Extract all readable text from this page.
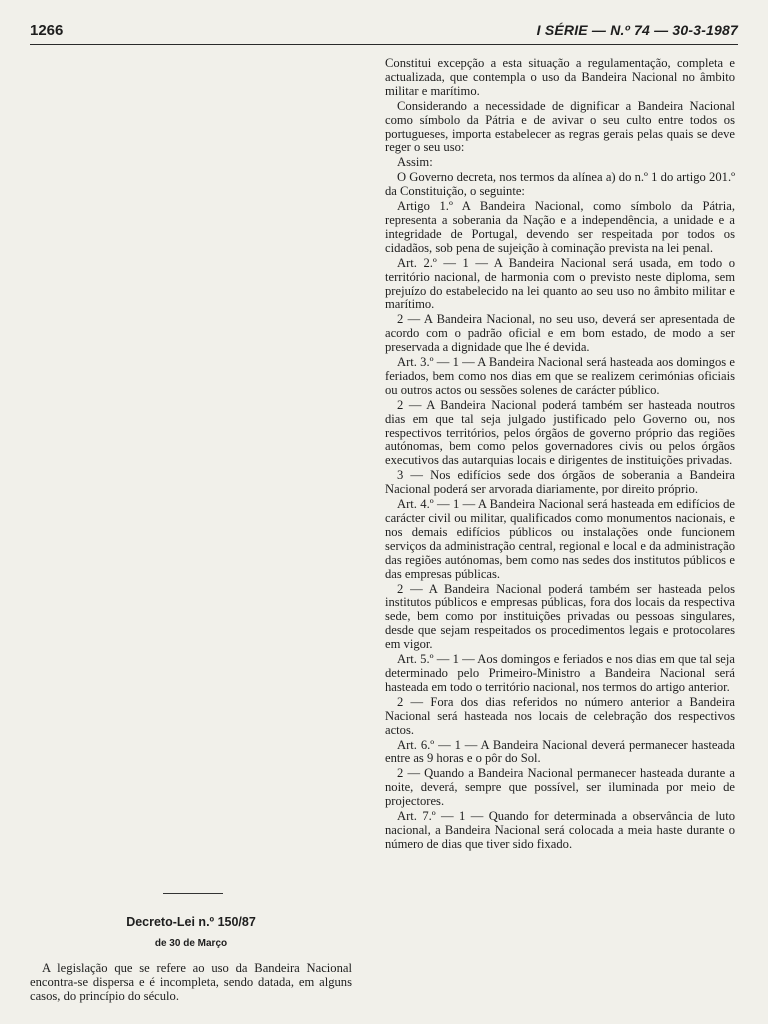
1266	I SÉRIE — N.º 74 — 30-3-1987

Constitui excepção a esta situação a regulamentação, completa e actualizada, que contempla o uso da Bandeira Nacional no âmbito militar e marítimo.

Considerando a necessidade de dignificar a Bandeira Nacional como símbolo da Pátria e de avivar o seu culto entre todos os portugueses, importa estabelecer as regras gerais pelas quais se deve reger o seu uso:

Assim:

O Governo decreta, nos termos da alínea a) do n.º 1 do artigo 201.º da Constituição, o seguinte:

Artigo 1.º A Bandeira Nacional, como símbolo da Pátria, representa a soberania da Nação e a independência, a unidade e a integridade de Portugal, devendo ser respeitada por todos os cidadãos, sob pena de sujeição à cominação prevista na lei penal.

Art. 2.º — 1 — A Bandeira Nacional será usada, em todo o território nacional, de harmonia com o previsto neste diploma, sem prejuízo do estabelecido na lei quanto ao seu uso no âmbito militar e marítimo.

2 — A Bandeira Nacional, no seu uso, deverá ser apresentada de acordo com o padrão oficial e em bom estado, de modo a ser preservada a dignidade que lhe é devida.

Art. 3.º — 1 — A Bandeira Nacional será hasteada aos domingos e feriados, bem como nos dias em que se realizem cerimónias oficiais ou outros actos ou sessões solenes de carácter público.

2 — A Bandeira Nacional poderá também ser hasteada noutros dias em que tal seja julgado justificado pelo Governo ou, nos respectivos territórios, pelos órgãos de governo próprio das regiões autónomas, bem como pelos governadores civis ou pelos órgãos executivos das autarquias locais e dirigentes de instituições privadas.

3 — Nos edifícios sede dos órgãos de soberania a Bandeira Nacional poderá ser arvorada diariamente, por direito próprio.

Art. 4.º — 1 — A Bandeira Nacional será hasteada em edifícios de carácter civil ou militar, qualificados como monumentos nacionais, e nos demais edifícios públicos ou instalações onde funcionem serviços da administração central, regional e local e da administração das regiões autónomas, bem como nas sedes dos institutos públicos e das empresas públicas.

2 — A Bandeira Nacional poderá também ser hasteada pelos institutos públicos e empresas públicas, fora dos locais da respectiva sede, bem como por instituições privadas ou pessoas singulares, desde que sejam respeitados os procedimentos legais e protocolares em vigor.

Art. 5.º — 1 — Aos domingos e feriados e nos dias em que tal seja determinado pelo Primeiro-Ministro a Bandeira Nacional será hasteada em todo o território nacional, nos termos do artigo anterior.

2 — Fora dos dias referidos no número anterior a Bandeira Nacional será hasteada nos locais de celebração dos respectivos actos.

Art. 6.º — 1 — A Bandeira Nacional deverá permanecer hasteada entre as 9 horas e o pôr do Sol.

2 — Quando a Bandeira Nacional permanecer hasteada durante a noite, deverá, sempre que possível, ser iluminada por meio de projectores.

Art. 7.º — 1 — Quando for determinada a observância de luto nacional, a Bandeira Nacional será colocada a meia haste durante o número de dias que tiver sido fixado.

Decreto-Lei n.º 150/87
de 30 de Março

A legislação que se refere ao uso da Bandeira Nacional encontra-se dispersa e é incompleta, sendo datada, em alguns casos, do princípio do século.
